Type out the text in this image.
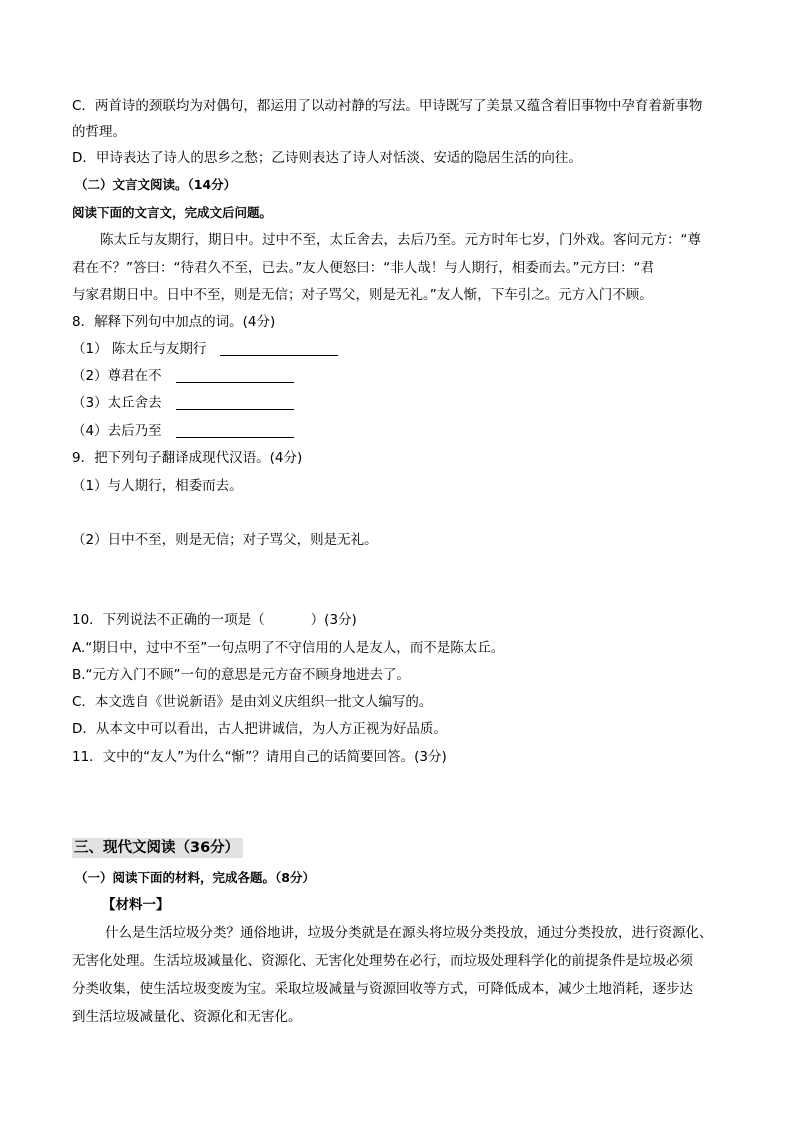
C．两首诗的颈联均为对偶句，都运用了以动衬静的写法。甲诗既写了美景又蕴含着旧事物中孕育着新事物
的哲理。
D．甲诗表达了诗人的思乡之愁；乙诗则表达了诗人对恬淡、安适的隐居生活的向往。
（二）文言文阅读。（14分）
阅读下面的文言文，完成文后问题。
陈太丘与友期行，期日中。过中不至，太丘舍去，去后乃至。元方时年七岁，门外戏。客问元方：“尊
君在不？”答曰：“待君久不至，已去。”友人便怒曰：“非人哉！与人期行，相委而去。”元方曰：“君
与家君期日中。日中不至，则是无信；对子骂父，则是无礼。”友人惭，下车引之。元方入门不顾。
8．解释下列句中加点的词。(4分)
（1） 陈太丘与友期行
（2）尊君在不
（3）太丘舍去
（4）去后乃至
9．把下列句子翻译成现代汉语。(4分)
（1）与人期行，相委而去。
（2）日中不至，则是无信；对子骂父，则是无礼。
10．下列说法不正确的一项是（	）(3分)
A.“期日中，过中不至”一句点明了不守信用的人是友人，而不是陈太丘。
B.“元方入门不顾”一句的意思是元方奋不顾身地进去了。
C．本文选自《世说新语》是由刘义庆组织一批文人编写的。
D．从本文中可以看出，古人把讲诚信，为人方正视为好品质。
11．文中的“友人”为什么“惭”？请用自己的话简要回答。(3分)
三、现代文阅读（36分）
（一）阅读下面的材料，完成各题。（8分）
【材料一】
什么是生活垃圾分类？通俗地讲，垃圾分类就是在源头将垃圾分类投放，通过分类投放，进行资源化、
无害化处理。生活垃圾减量化、资源化、无害化处理势在必行，而垃圾处理科学化的前提条件是垃圾必须
分类收集，使生活垃圾变废为宝。采取垃圾减量与资源回收等方式，可降低成本，减少土地消耗，逐步达
到生活垃圾减量化、资源化和无害化。
